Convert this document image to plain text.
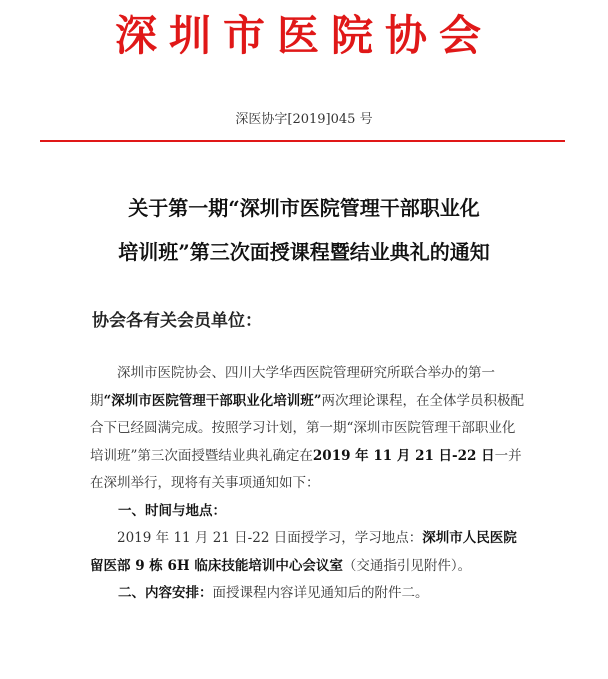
深圳市医院协会
深医协字[2019]045 号
关于第一期“深圳市医院管理干部职业化
培训班”第三次面授课程暨结业典礼的通知
协会各有关会员单位：

深圳市医院协会、四川大学华西医院管理研究所联合举办的第一期“深圳市医院管理干部职业化培训班”两次理论课程，在全体学员积极配合下已经圆满完成。按照学习计划，第一期“深圳市医院管理干部职业化培训班”第三次面授暨结业典礼确定在2019 年 11 月 21 日-22 日一并在深圳举行，现将有关事项通知如下：

一、时间与地点：

2019 年 11 月 21 日-22 日面授学习，学习地点：深圳市人民医院留医部 9 栋 6H 临床技能培训中心会议室（交通指引见附件）。

二、内容安排：面授课程内容详见通知后的附件二。
